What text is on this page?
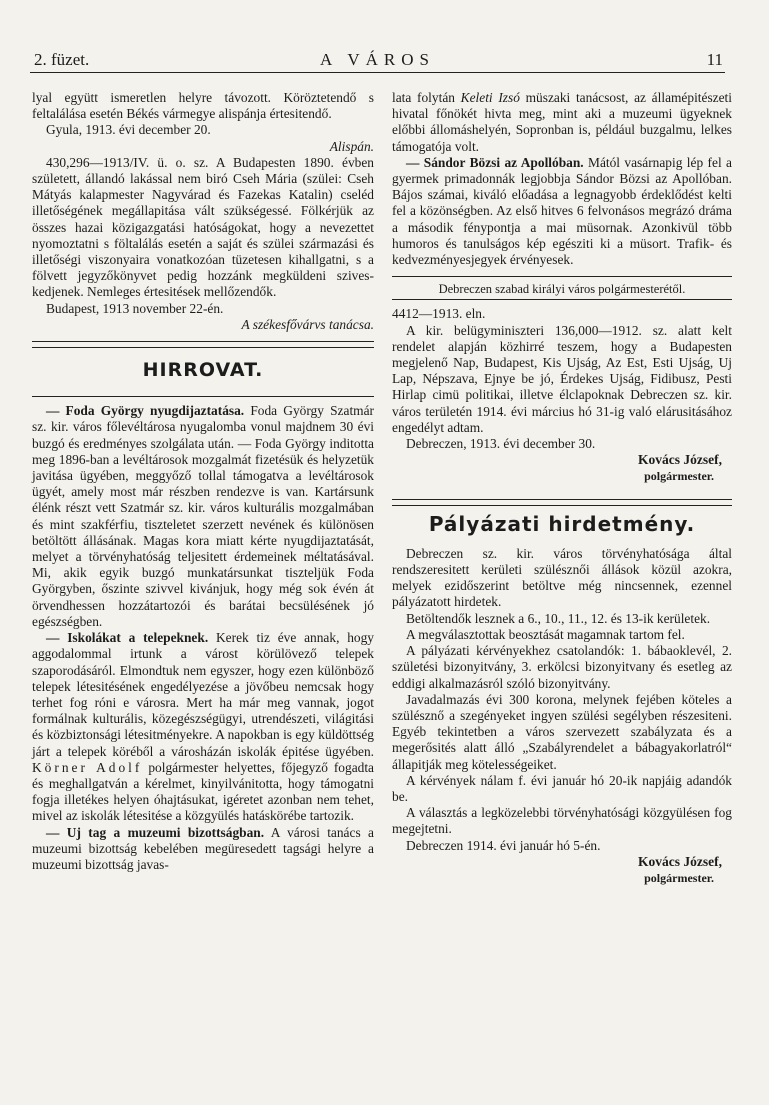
2. füzet.	A VÁROS	11

lyal együtt ismeretlen helyre távozott. Köröztetendő s feltalálása esetén Békés vármegye alispánja értesitendő.

Gyula, 1913. évi december 20.

Alispán.

430,296—1913/IV. ü. o. sz. A Budapesten 1890. évben született, állandó lakással nem biró Cseh Mária (szülei: Cseh Mátyás kalapmester Nagyvárad és Fazekas Katalin) cseléd illetőségének megállapitása vált szükségessé. Fölkérjük az összes hazai közigazgatási hatóságokat, hogy a nevezettet nyomoztatni s föltalálás esetén a saját és szülei származási és illetőségi viszonyaira vonatkozóan tüzetesen kihallgatni, s a fölvett jegyzőkönyvet pedig hozzánk megküldeni sziveskedjenek. Nemleges értesitések mellőzendők.

Budapest, 1913 november 22-én.

A székesfővárvs tanácsa.

HIRROVAT.

— Foda György nyugdijaztatása. Foda György Szatmár sz. kir. város főlevéltárosa nyugalomba vonul majdnem 30 évi buzgó és eredményes szolgálata után. — Foda György inditotta meg 1896-ban a levéltárosok mozgalmát fizetésük és helyzetük javitása ügyében, meggyőző tollal támogatva a levéltárosok ügyét, amely most már részben rendezve is van. Kartársunk élénk részt vett Szatmár sz. kir. város kulturális mozgalmában és mint szakférfiu, tiszteletet szerzett nevének és különösen betöltött állásának. Magas kora miatt kérte nyugdijaztatását, melyet a törvényhatóság teljesitett érdemeinek méltatásával. Mi, akik egyik buzgó munkatársunkat tiszteljük Foda Györgyben, őszinte szivvel kivánjuk, hogy még sok évén át örvendhessen hozzátartozói és barátai becsülésének jó egészségben.

— Iskolákat a telepeknek. Kerek tiz éve annak, hogy aggodalommal irtunk a várost körülövező telepek szaporodásáról. Elmondtuk nem egyszer, hogy ezen különböző telepek létesitésének engedélyezése a jövőbeu nemcsak hogy terhet fog róni e városra. Mert ha már meg vannak, jogot formálnak kulturális, közegészségügyi, utrendészeti, világitási és közbiztonsági létesitményekre. A napokban is egy küldöttség járt a telepek köréből a városházán iskolák épitése ügyében. Körner Adolf polgármester helyettes, főjegyző fogadta és meghallgatván a kérelmet, kinyilvánitotta, hogy támogatni fogja illetékes helyen óhajtásukat, igéretet azonban nem tehet, mivel az iskolák létesitése a közgyülés hatáskörébe tartozik.

— Uj tag a muzeumi bizottságban. A városi tanács a muzeumi bizottság kebelében megüresedett tagsági helyre a muzeumi bizottság javas-

lata folytán Keleti Izsó müszaki tanácsost, az államépitészeti hivatal főnökét hivta meg, mint aki a muzeumi ügyeknek előbbi állomáshelyén, Sopronban is, például buzgalmu, lelkes támogatója volt.

— Sándor Bözsi az Apollóban. Mától vasárnapig lép fel a gyermek primadonnák legjobbja Sándor Bözsi az Apollóban. Bájos számai, kiváló előadása a legnagyobb érdeklődést kelti fel a közönségben. Az első hitves 6 felvonásos megrázó dráma a második fénypontja a mai müsornak. Azonkivül több humoros és tanulságos kép egésziti ki a müsort. Trafik- és kedvezményesjegyek érvényesek.

Debreczen szabad királyi város polgármesterétől.

4412—1913. eln.

A kir. belügyminiszteri 136,000—1912. sz. alatt kelt rendelet alapján közhirré teszem, hogy a Budapesten megjelenő Nap, Budapest, Kis Ujság, Az Est, Esti Ujság, Uj Lap, Népszava, Ejnye be jó, Érdekes Ujság, Fidibusz, Pesti Hirlap cimü politikai, illetve élclapoknak Debreczen sz. kir. város területén 1914. évi március hó 31-ig való elárusitásához engedélyt adtam.

Debreczen, 1913. évi december 30.

Kovács József,
polgármester.
Pályázati hirdetmény.

Debreczen sz. kir. város törvényhatósága által rendszeresitett kerületi szülésznői állások közül azokra, melyek ezidőszerint betöltve még nincsennek, ezennel pályázatott hirdetek.

Betöltendők lesznek a 6., 10., 11., 12. és 13-ik kerületek.

A megválasztottak beosztását magamnak tartom fel.

A pályázati kérvényekhez csatolandók: 1. bábaoklevél, 2. születési bizonyitvány, 3. erkölcsi bizonyitvany és esetleg az eddigi alkalmazásról szóló bizonyitvány.

Javadalmazás évi 300 korona, melynek fejében köteles a szülésznő a szegényeket ingyen szülési segélyben részesiteni. Egyéb tekintetben a város szervezett szabályzata és a megerősités alatt álló „Szabályrendelet a bábagyakorlatról“ állapitják meg kötelességeiket.

A kérvények nálam f. évi január hó 20-ik napjáig adandók be.

A választás a legközelebbi törvényhatósági közgyülésen fog megejtetni.

Debreczen 1914. évi január hó 5-én.

Kovács József,
polgármester.
